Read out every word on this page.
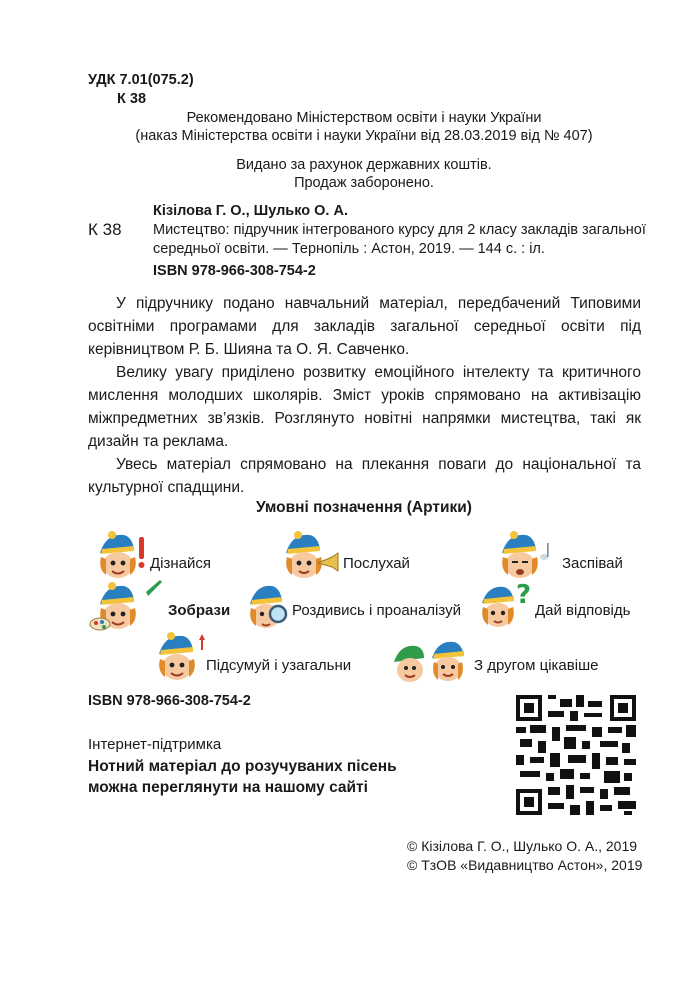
УДК 7.01(075.2)
К 38
Рекомендовано Міністерством освіти і науки України
(наказ Міністерства освіти і науки України від 28.03.2019 від № 407)
Видано за рахунок державних коштів.
Продаж заборонено.
Кізілова Г. О., Шулько О. А.
К 38 Мистецтво: підручник інтегрованого курсу для 2 класу закладів загальної
середньої освіти. — Тернопіль : Астон, 2019. — 144 с. : іл.
ISBN 978-966-308-754-2

У підручнику подано навчальний матеріал, передбачений Типовими освітніми програмами для закладів загальної середньої освіти під керівництвом Р. Б. Шияна та О. Я. Савченко.

Велику увагу приділено розвитку емоційного інтелекту та критичного мислення молодших школярів. Зміст уроків спрямовано на активізацію міжпредметних зв’язків. Розглянуто новітні напрямки мистецтва, такі як дизайн та реклама.

Увесь матеріал спрямовано на плекання поваги до національної та культурної спадщини.

Умовні позначення (Артики)
Дізнайся	Послухай	Заспівай
Зобрази	Роздивись і проаналізуй
?
Дай відповідь
Підсумуй і узагальни	З другом цікавіше
ISBN 978-966-308-754-2
Інтернет-підтримка
Нотний матеріал до розучуваних пісень
можна переглянути на нашому сайті
© Кізілова Г. О., Шулько О. А., 2019
© ТзОВ «Видавництво Астон», 2019
